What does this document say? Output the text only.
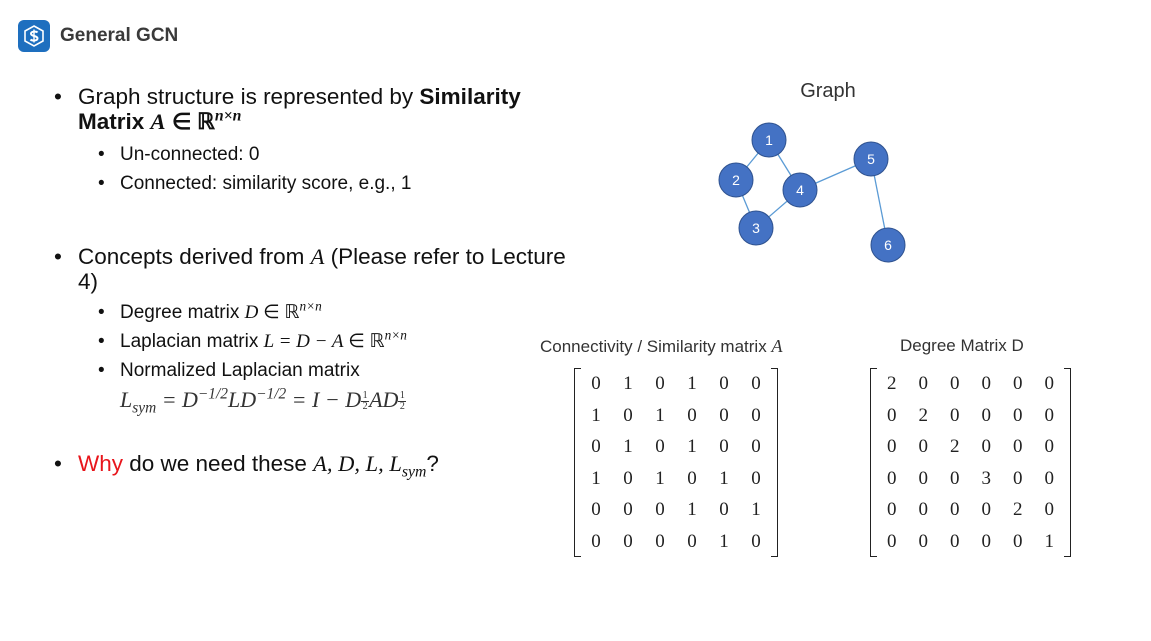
General GCN
• Graph structure is represented by Similarity Matrix A ∈ ℝ$^{n\times n}$
• Un-connected: 0
• Connected: similarity score, e.g., 1
• Concepts derived from A (Please refer to Lecture 4)
• Degree matrix D ∈ ℝ$^{n\times n}$
• Laplacian matrix L = D − A ∈ ℝ$^{n\times n}$
• Normalized Laplacian matrix
$L_{sym} = D^{-1/2}LD^{-1/2} = I - D \frac{1}{2}$ AD $\frac{1}{2}$
• Why do we need these A, D, L, $L_{sym}$?
Graph
1
2
3
4
5
6
Connectivity / Similarity matrix A	Degree Matrix D
0	1	0	1	0	0
1	0	1	0	0	0
0	1	0	1	0	0
1	0	1	0	1	0
0	0	0	1	0	1
0	0	0	0	1	0
2	0	0	0	0	0
0	2	0	0	0	0
0	0	2	0	0	0
0	0	0	3	0	0
0	0	0	0	2	0
0	0	0	0	0	1
